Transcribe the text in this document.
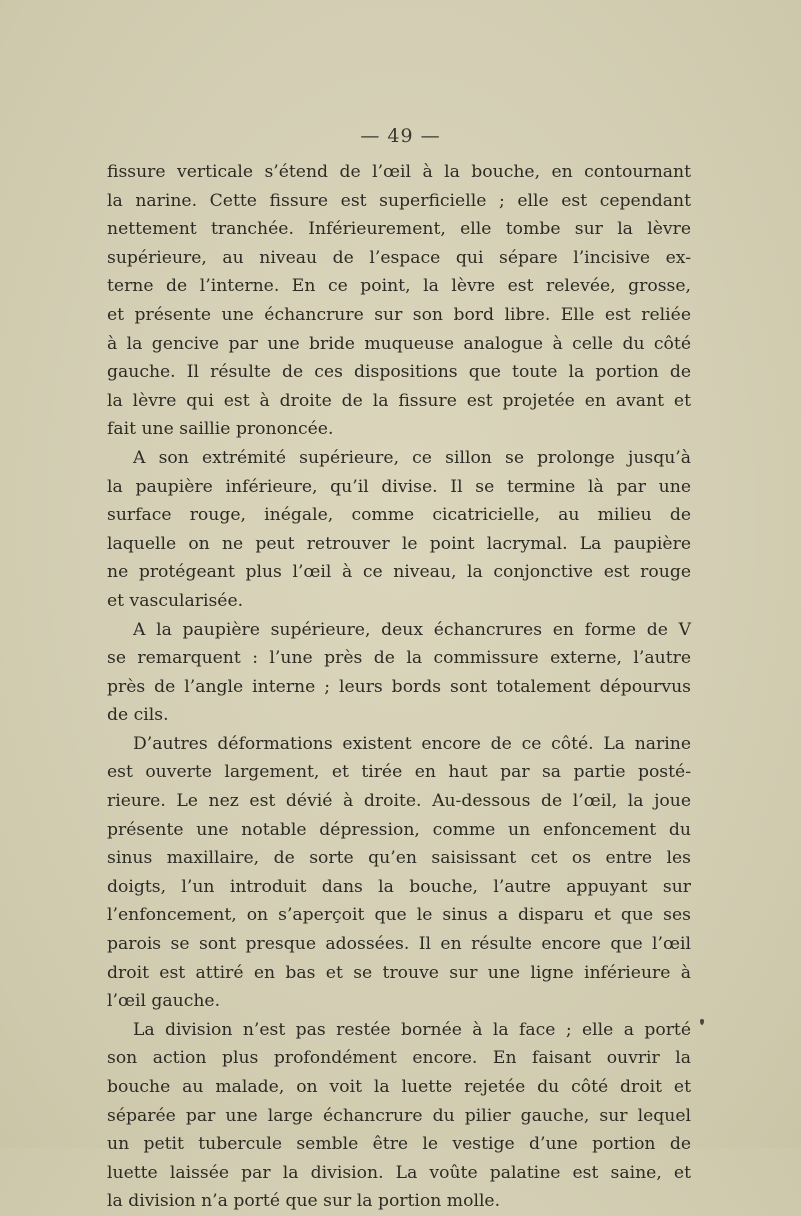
— 49 —
fissure verticale s’étend de l’œil à la bouche, en contournant
la narine. Cette fissure est superficielle ; elle est cependant
nettement tranchée. Inférieurement, elle tombe sur la lèvre
supérieure, au niveau de l’espace qui sépare l’incisive ex-
terne de l’interne. En ce point, la lèvre est relevée, grosse,
et présente une échancrure sur son bord libre. Elle est reliée
à la gencive par une bride muqueuse analogue à celle du côté
gauche. Il résulte de ces dispositions que toute la portion de
la lèvre qui est à droite de la fissure est projetée en avant et
fait une saillie prononcée.
A son extrémité supérieure, ce sillon se prolonge jusqu’à
la paupière inférieure, qu’il divise. Il se termine là par une
surface rouge, inégale, comme cicatricielle, au milieu de
laquelle on ne peut retrouver le point lacrymal. La paupière
ne protégeant plus l’œil à ce niveau, la conjonctive est rouge
et vascularisée.
A la paupière supérieure, deux échancrures en forme de V
se remarquent : l’une près de la commissure externe, l’autre
près de l’angle interne ; leurs bords sont totalement dépourvus
de cils.
D’autres déformations existent encore de ce côté. La narine
est ouverte largement, et tirée en haut par sa partie posté-
rieure. Le nez est dévié à droite. Au-dessous de l’œil, la joue
présente une notable dépression, comme un enfoncement du
sinus maxillaire, de sorte qu’en saisissant cet os entre les
doigts, l’un introduit dans la bouche, l’autre appuyant sur
l’enfoncement, on s’aperçoit que le sinus a disparu et que ses
parois se sont presque adossées. Il en résulte encore que l’œil
droit est attiré en bas et se trouve sur une ligne inférieure à
l’œil gauche.
La division n’est pas restée bornée à la face ; elle a porté
son action plus profondément encore. En faisant ouvrir la
bouche au malade, on voit la luette rejetée du côté droit et
séparée par une large échancrure du pilier gauche, sur lequel
un petit tubercule semble être le vestige d’une portion de
luette laissée par la division. La voûte palatine est saine, et
la division n’a porté que sur la portion molle.
